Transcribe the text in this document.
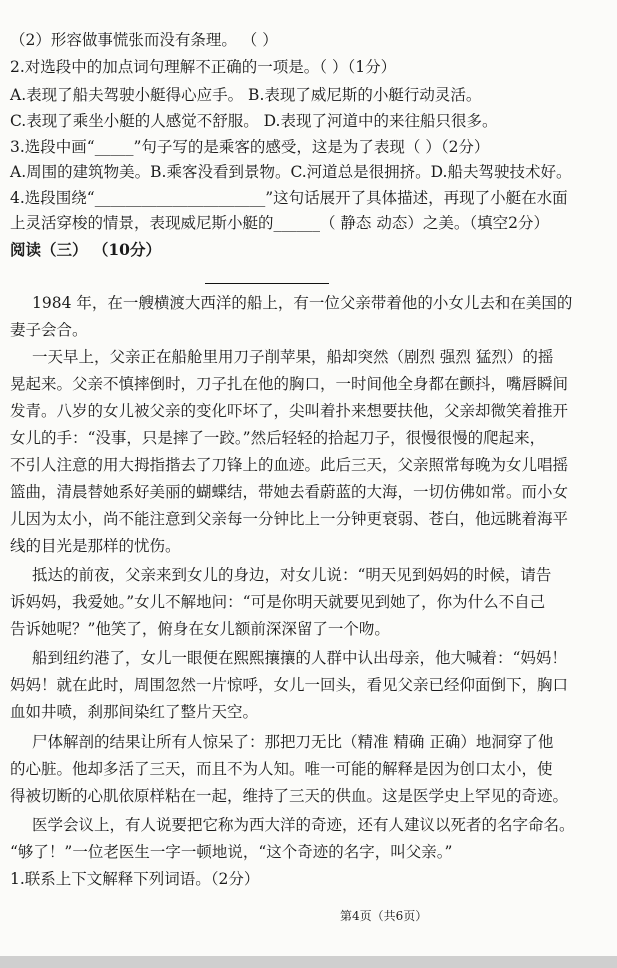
（2）形容做事慌张而没有条理。 （ ）
2.对选段中的加点词句理解不正确的一项是。（ ）（1分）
A.表现了船夫驾驶小艇得心应手。 B.表现了威尼斯的小艇行动灵活。
C.表现了乘坐小艇的人感觉不舒服。 D.表现了河道中的来往船只很多。
3.选段中画“_____”句子写的是乘客的感受，这是为了表现（ ）（2分）
A.周围的建筑物美。B.乘客没看到景物。C.河道总是很拥挤。D.船夫驾驶技术好。
4.选段围绕“______________________”这句话展开了具体描述，再现了小艇在水面
上灵活穿梭的情景，表现威尼斯小艇的______（ 静态 动态）之美。（填空2分）
阅读（三） （10分）
1984 年，在一艘横渡大西洋的船上，有一位父亲带着他的小女儿去和在美国的
妻子会合。
一天早上，父亲正在船舱里用刀子削苹果，船却突然（剧烈 强烈 猛烈）的摇
晃起来。父亲不慎摔倒时，刀子扎在他的胸口，一时间他全身都在颤抖，嘴唇瞬间
发青。八岁的女儿被父亲的变化吓坏了，尖叫着扑来想要扶他，父亲却微笑着推开
女儿的手：“没事，只是摔了一跤。”然后轻轻的拾起刀子，很慢很慢的爬起来，
不引人注意的用大拇指揩去了刀锋上的血迹。此后三天，父亲照常每晚为女儿唱摇
篮曲，清晨替她系好美丽的蝴蝶结，带她去看蔚蓝的大海，一切仿佛如常。而小女
儿因为太小，尚不能注意到父亲每一分钟比上一分钟更衰弱、苍白，他远眺着海平
线的目光是那样的忧伤。
抵达的前夜，父亲来到女儿的身边，对女儿说：“明天见到妈妈的时候，请告
诉妈妈，我爱她。”女儿不解地问：“可是你明天就要见到她了，你为什么不自己
告诉她呢？”他笑了，俯身在女儿额前深深留了一个吻。
船到纽约港了，女儿一眼便在熙熙攘攘的人群中认出母亲，他大喊着：“妈妈！
妈妈！就在此时，周围忽然一片惊呼，女儿一回头，看见父亲已经仰面倒下，胸口
血如井喷，刹那间染红了整片天空。
尸体解剖的结果让所有人惊呆了：那把刀无比（精准 精确 正确）地洞穿了他
的心脏。他却多活了三天，而且不为人知。唯一可能的解释是因为创口太小，使
得被切断的心肌依原样粘在一起，维持了三天的供血。这是医学史上罕见的奇迹。
医学会议上，有人说要把它称为西大洋的奇迹，还有人建议以死者的名字命名。
“够了！”一位老医生一字一顿地说，“这个奇迹的名字，叫父亲。”
1.联系上下文解释下列词语。（2分）
第4页（共6页）
